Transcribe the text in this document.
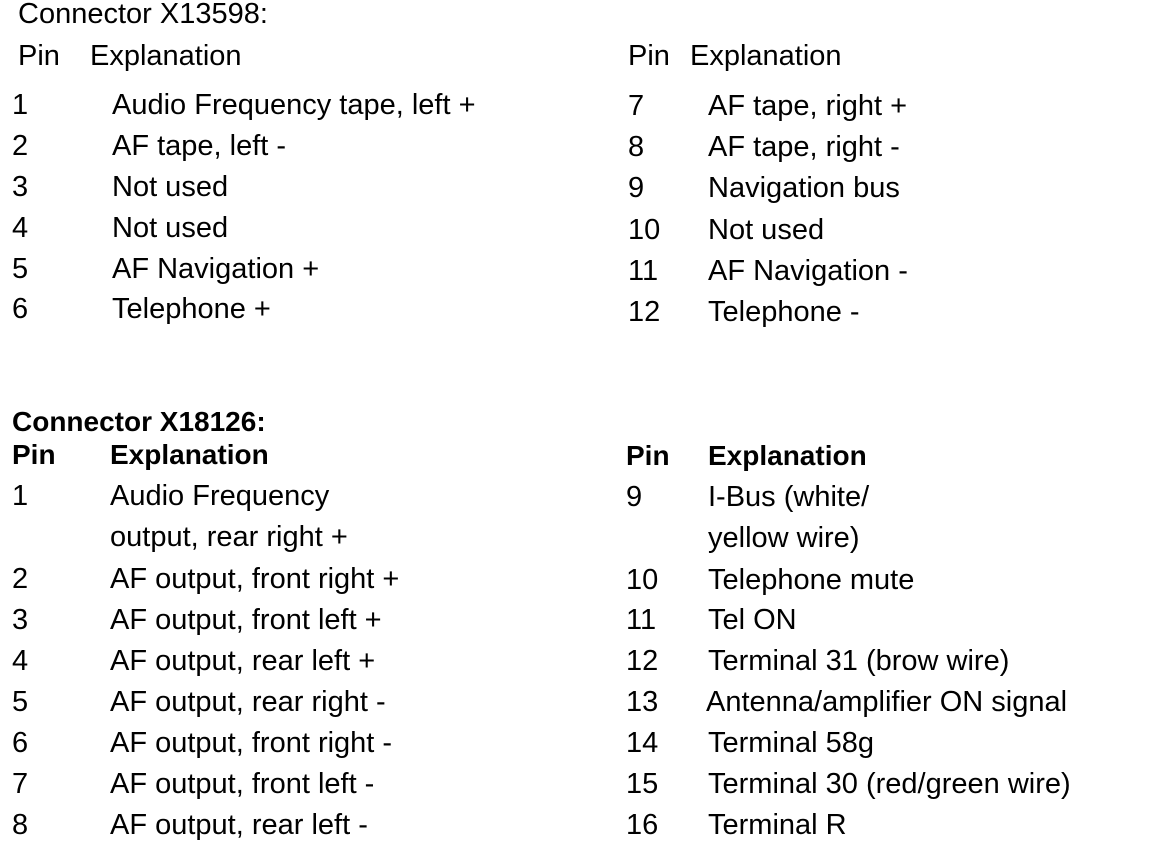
Connector X13598:
Pin Explanation	Pin Explanation
1	Audio Frequency tape, left +
2	AF tape, left -
3	Not used
4	Not used
5	AF Navigation +
6	Telephone +
7 AF tape, right +
8 AF tape, right -
9 Navigation bus
10 Not used
11 AF Navigation -
12 Telephone -
Connector X18126:
Pin Explanation	Pin Explanation
1	Audio Frequency
output, rear right +
2	AF output, front right +
3	AF output, front left +
4	AF output, rear left +
5	AF output, rear right -
6	AF output, front right -
7	AF output, front left -
8	AF output, rear left -
9 I-Bus (white/
yellow wire)
10 Telephone mute
11 Tel ON
12 Terminal 31 (brow wire)
13 Antenna/amplifier ON signal
14 Terminal 58g
15 Terminal 30 (red/green wire)
16 Terminal R
